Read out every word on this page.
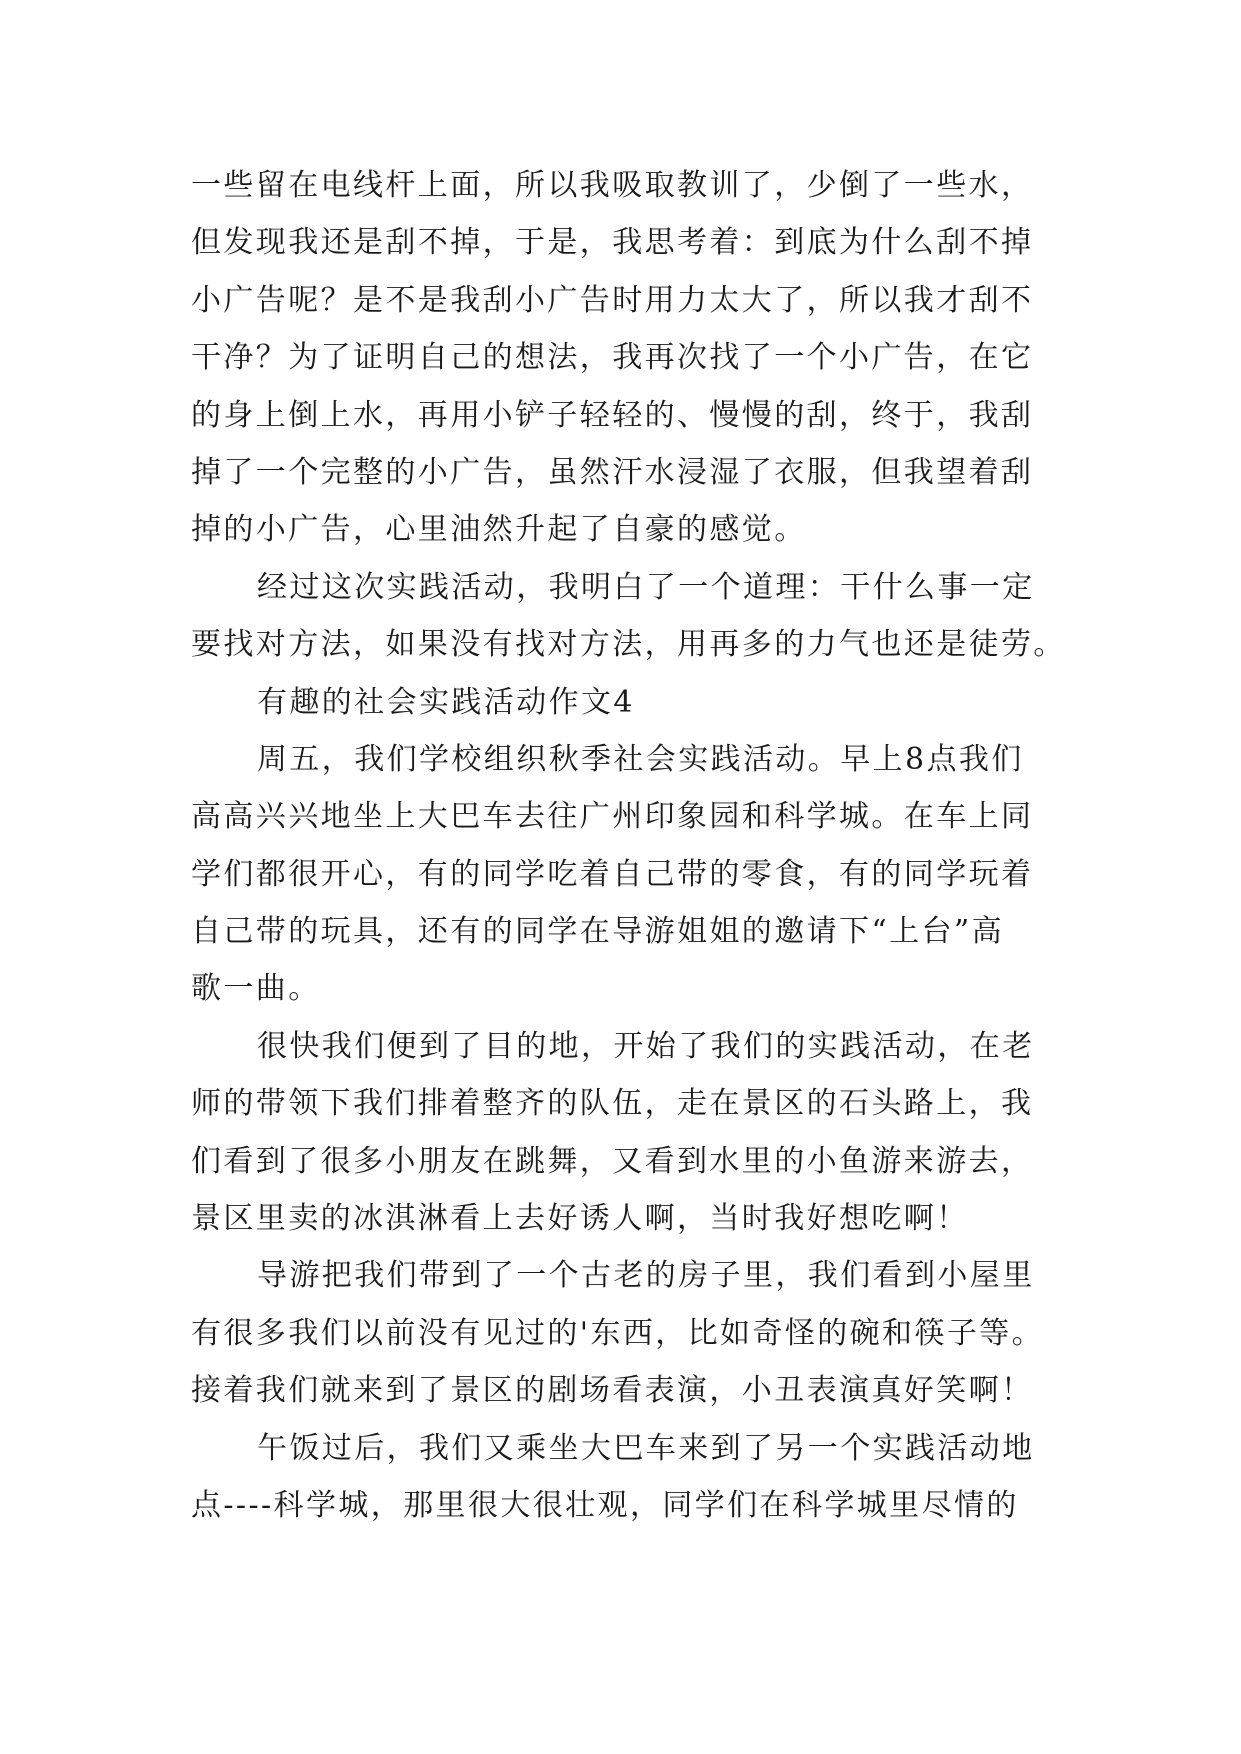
一些留在电线杆上面，所以我吸取教训了，少倒了一些水，
但发现我还是刮不掉，于是，我思考着：到底为什么刮不掉
小广告呢？是不是我刮小广告时用力太大了，所以我才刮不
干净？为了证明自己的想法，我再次找了一个小广告，在它
的身上倒上水，再用小铲子轻轻的、慢慢的刮，终于，我刮
掉了一个完整的小广告，虽然汗水浸湿了衣服，但我望着刮
掉的小广告，心里油然升起了自豪的感觉。
经过这次实践活动，我明白了一个道理：干什么事一定
要找对方法，如果没有找对方法，用再多的力气也还是徒劳。
有趣的社会实践活动作文4
周五，我们学校组织秋季社会实践活动。早上8点我们
高高兴兴地坐上大巴车去往广州印象园和科学城。在车上同
学们都很开心，有的同学吃着自己带的零食，有的同学玩着
自己带的玩具，还有的同学在导游姐姐的邀请下“上台”高
歌一曲。
很快我们便到了目的地，开始了我们的实践活动，在老
师的带领下我们排着整齐的队伍，走在景区的石头路上，我
们看到了很多小朋友在跳舞，又看到水里的小鱼游来游去，
景区里卖的冰淇淋看上去好诱人啊，当时我好想吃啊！
导游把我们带到了一个古老的房子里，我们看到小屋里
有很多我们以前没有见过的'东西，比如奇怪的碗和筷子等。
接着我们就来到了景区的剧场看表演，小丑表演真好笑啊！
午饭过后，我们又乘坐大巴车来到了另一个实践活动地
点----科学城，那里很大很壮观，同学们在科学城里尽情的
